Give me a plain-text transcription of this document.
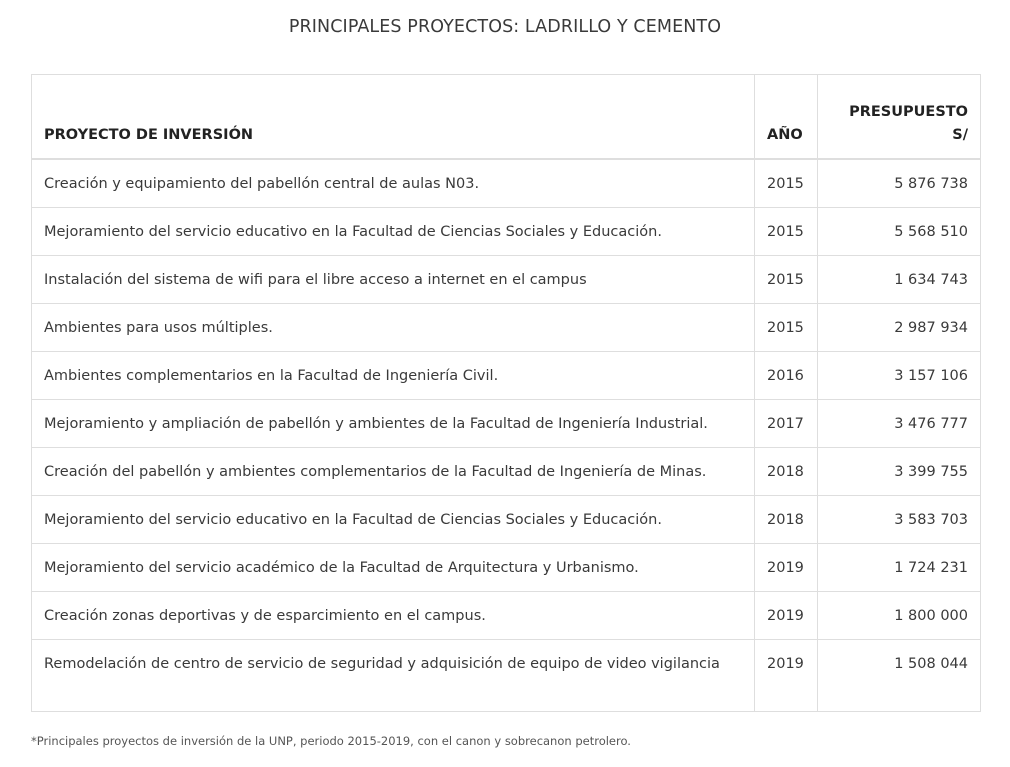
PRINCIPALES PROYECTOS: LADRILLO Y CEMENTO
PROYECTO DE INVERSIÓN	AÑO	PRESUPUESTO
S/
Creación y equipamiento del pabellón central de aulas N03.	2015	5 876 738
Mejoramiento del servicio educativo en la Facultad de Ciencias Sociales y Educación.	2015	5 568 510
Instalación del sistema de wifi para el libre acceso a internet en el campus	2015	1 634 743
Ambientes para usos múltiples.	2015	2 987 934
Ambientes complementarios en la Facultad de Ingeniería Civil.	2016	3 157 106
Mejoramiento y ampliación de pabellón y ambientes de la Facultad de Ingeniería Industrial.	2017	3 476 777
Creación del pabellón y ambientes complementarios de la Facultad de Ingeniería de Minas.	2018	3 399 755
Mejoramiento del servicio educativo en la Facultad de Ciencias Sociales y Educación.	2018	3 583 703
Mejoramiento del servicio académico de la Facultad de Arquitectura y Urbanismo.	2019	1 724 231
Creación zonas deportivas y de esparcimiento en el campus.	2019	1 800 000
Remodelación de centro de servicio de seguridad y adquisición de equipo de video vigilancia	2019	1 508 044
*Principales proyectos de inversión de la UNP, periodo 2015-2019, con el canon y sobrecanon petrolero.
